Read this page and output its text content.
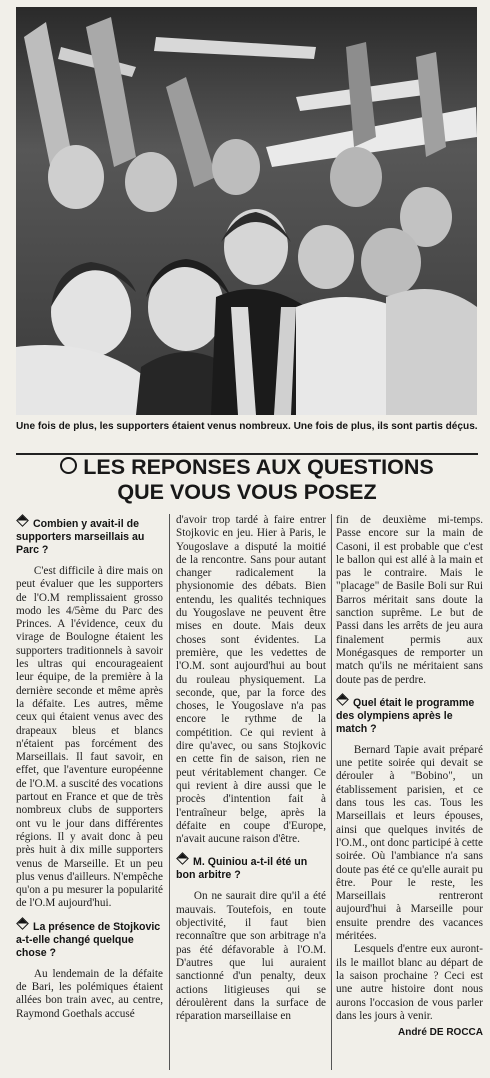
Une fois de plus, les supporters étaient venus nombreux. Une fois de plus, ils sont partis déçus.
LES REPONSES AUX QUESTIONS
QUE VOUS VOUS POSEZ
Combien y avait-il de supporters marseillais au Parc ?

C'est difficile à dire mais on peut évaluer que les supporters de l'O.M remplissaient grosso modo les 4/5ème du Parc des Princes. A l'évidence, ceux du virage de Boulogne étaient les supporters traditionnels à savoir les ultras qui encourageaient leur équipe, de la première à la dernière seconde et même après la défaite. Les autres, même ceux qui étaient venus avec des drapeaux bleus et blancs n'étaient pas forcément des Marseillais. Il faut savoir, en effet, que l'aventure européenne de l'O.M. a suscité des vocations partout en France et que de très nombreux clubs de supporters ont vu le jour dans différentes régions. Il y avait donc à peu près huit à dix mille supporters venus de Marseille. Et un peu plus venus d'ailleurs. N'empêche qu'on a pu mesurer la popularité de l'O.M aujourd'hui.

La présence de Stojkovic a-t-elle changé quelque chose ?

Au lendemain de la défaite de Bari, les polémiques étaient allées bon train avec, au centre, Raymond Goethals accusé

d'avoir trop tardé à faire entrer Stojkovic en jeu. Hier à Paris, le Yougoslave a disputé la moitié de la rencontre. Sans pour autant changer radicalement la physionomie des débats. Bien entendu, les qualités techniques du Yougoslave ne peuvent être mises en doute. Mais deux choses sont évidentes. La première, que les vedettes de l'O.M. sont aujourd'hui au bout du rouleau physiquement. La seconde, que, par la force des choses, le Yougoslave n'a pas encore le rythme de la compétition. Ce qui revient à dire qu'avec, ou sans Stojkovic en cette fin de saison, rien ne peut véritablement changer. Ce qui revient à dire aussi que le procès d'intention fait à l'entraîneur belge, après la défaite en coupe d'Europe, n'avait aucune raison d'être.

M. Quiniou a-t-il été un bon arbitre ?

On ne saurait dire qu'il a été mauvais. Toutefois, en toute objectivité, il faut bien reconnaître que son arbitrage n'a pas été défavorable à l'O.M. D'autres que lui auraient sanctionné d'un penalty, deux actions litigieuses qui se déroulèrent dans la surface de réparation marseillaise en

fin de deuxième mi-temps. Passe encore sur la main de Casoni, il est probable que c'est le ballon qui est allé à la main et pas le contraire. Mais le "placage" de Basile Boli sur Rui Barros méritait sans doute la sanction suprême. Le but de Passi dans les arrêts de jeu aura finalement permis aux Monégasques de remporter un match qu'ils ne méritaient sans doute pas de perdre.

Quel était le programme des olympiens après le match ?

Bernard Tapie avait préparé une petite soirée qui devait se dérouler à "Bobino", un établissement parisien, et ce dans tous les cas. Tous les Marseillais et leurs épouses, ainsi que quelques invités de l'O.M., ont donc participé à cette soirée. Où l'ambiance n'a sans doute pas été ce qu'elle aurait pu être. Pour le reste, les Marseillais rentreront aujourd'hui à Marseille pour ensuite prendre des vacances méritées.

Lesquels d'entre eux auront-ils le maillot blanc au départ de la saison prochaine ? Ceci est une autre histoire dont nous aurons l'occasion de vous parler dans les jours à venir.

André DE ROCCA
